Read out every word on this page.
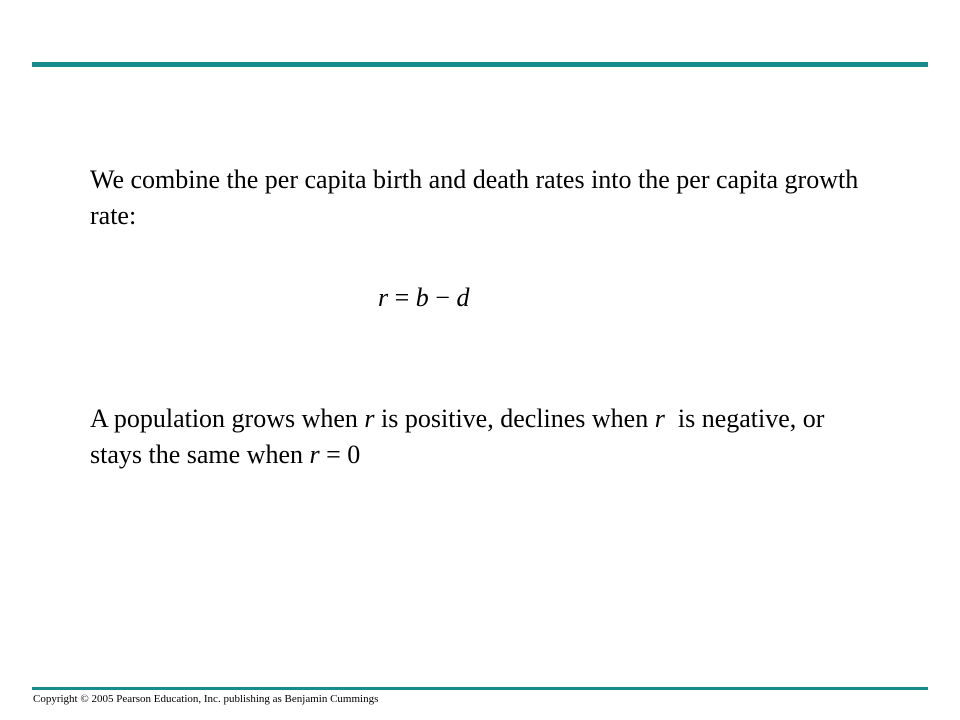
We combine the per capita birth and death rates into the per capita growth rate:

r = b − d

A population grows when r is positive, declines when r  is negative, or stays the same when r = 0

Copyright © 2005 Pearson Education, Inc. publishing as Benjamin Cummings
